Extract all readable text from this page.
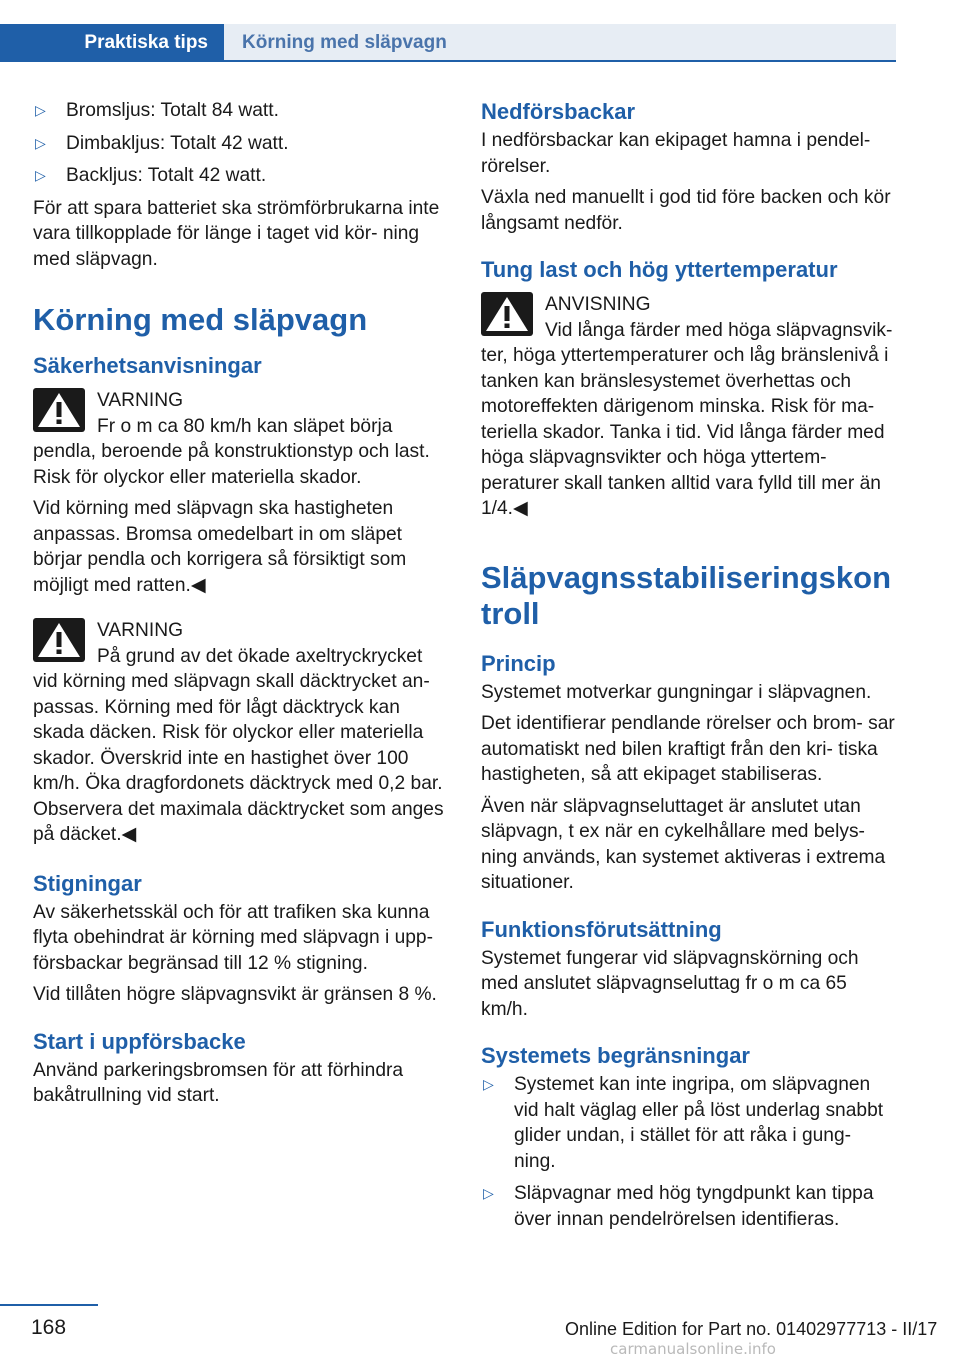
Praktiska tips	Körning med släpvagn
▷ Bromsljus: Totalt 84 watt.
▷ Dimbakljus: Totalt 42 watt.
▷ Backljus: Totalt 42 watt.

För att spara batteriet ska strömförbrukarna inte vara tillkopplade för länge i taget vid kör‐ ning med släpvagn.

Körning med släpvagn
Säkerhetsanvisningar

VARNING

Fr o m ca 80 km/h kan släpet börja pendla, beroende på konstruktionstyp och last. Risk för olyckor eller materiella skador.

Vid körning med släpvagn ska hastigheten anpassas. Bromsa omedelbart in om släpet börjar pendla och korrigera så försiktigt som möjligt med ratten.◀

VARNING

På grund av det ökade axeltryckrycket vid körning med släpvagn skall däcktrycket an‐ passas. Körning med för lågt däcktryck kan skada däcken. Risk för olyckor eller materiella skador. Överskrid inte en hastighet över 100 km/h. Öka dragfordonets däcktryck med 0,2 bar. Observera det maximala däcktrycket som anges på däcket.◀

Stigningar

Av säkerhetsskäl och för att trafiken ska kunna flyta obehindrat är körning med släpvagn i upp‐ försbackar begränsad till 12 % stigning.

Vid tillåten högre släpvagnsvikt är gränsen 8 %.

Start i uppförsbacke

Använd parkeringsbromsen för att förhindra bakåtrullning vid start.

Nedförsbackar

I nedförsbackar kan ekipaget hamna i pendel‐ rörelser.

Växla ned manuellt i god tid före backen och kör långsamt nedför.

Tung last och hög yttertemperatur

ANVISNING

Vid långa färder med höga släpvagnsvik‐ ter, höga yttertemperaturer och låg bränslenivå i tanken kan bränslesystemet överhettas och motoreffekten därigenom minska. Risk för ma‐ teriella skador. Tanka i tid. Vid långa färder med höga släpvagnsvikter och höga yttertem‐ peraturer skall tanken alltid vara fylld till mer än 1/4.◀

Släpvagnsstabiliseringskontroll
Princip

Systemet motverkar gungningar i släpvagnen.

Det identifierar pendlande rörelser och brom‐ sar automatiskt ned bilen kraftigt från den kri‐ tiska hastigheten, så att ekipaget stabiliseras.

Även när släpvagnseluttaget är anslutet utan släpvagn, t ex när en cykelhållare med belys‐ ning används, kan systemet aktiveras i extrema situationer.

Funktionsförutsättning

Systemet fungerar vid släpvagnskörning och med anslutet släpvagnseluttag fr o m ca 65 km/h.

Systemets begränsningar
▷ Systemet kan inte ingripa, om släpvagnen vid halt väglag eller på löst underlag snabbt glider undan, i stället för att råka i gung‐ ning.
▷ Släpvagnar med hög tyngdpunkt kan tippa över innan pendelrörelsen identifieras.
168	Online Edition for Part no. 01402977713 - II/17
carmanualsonline.info
